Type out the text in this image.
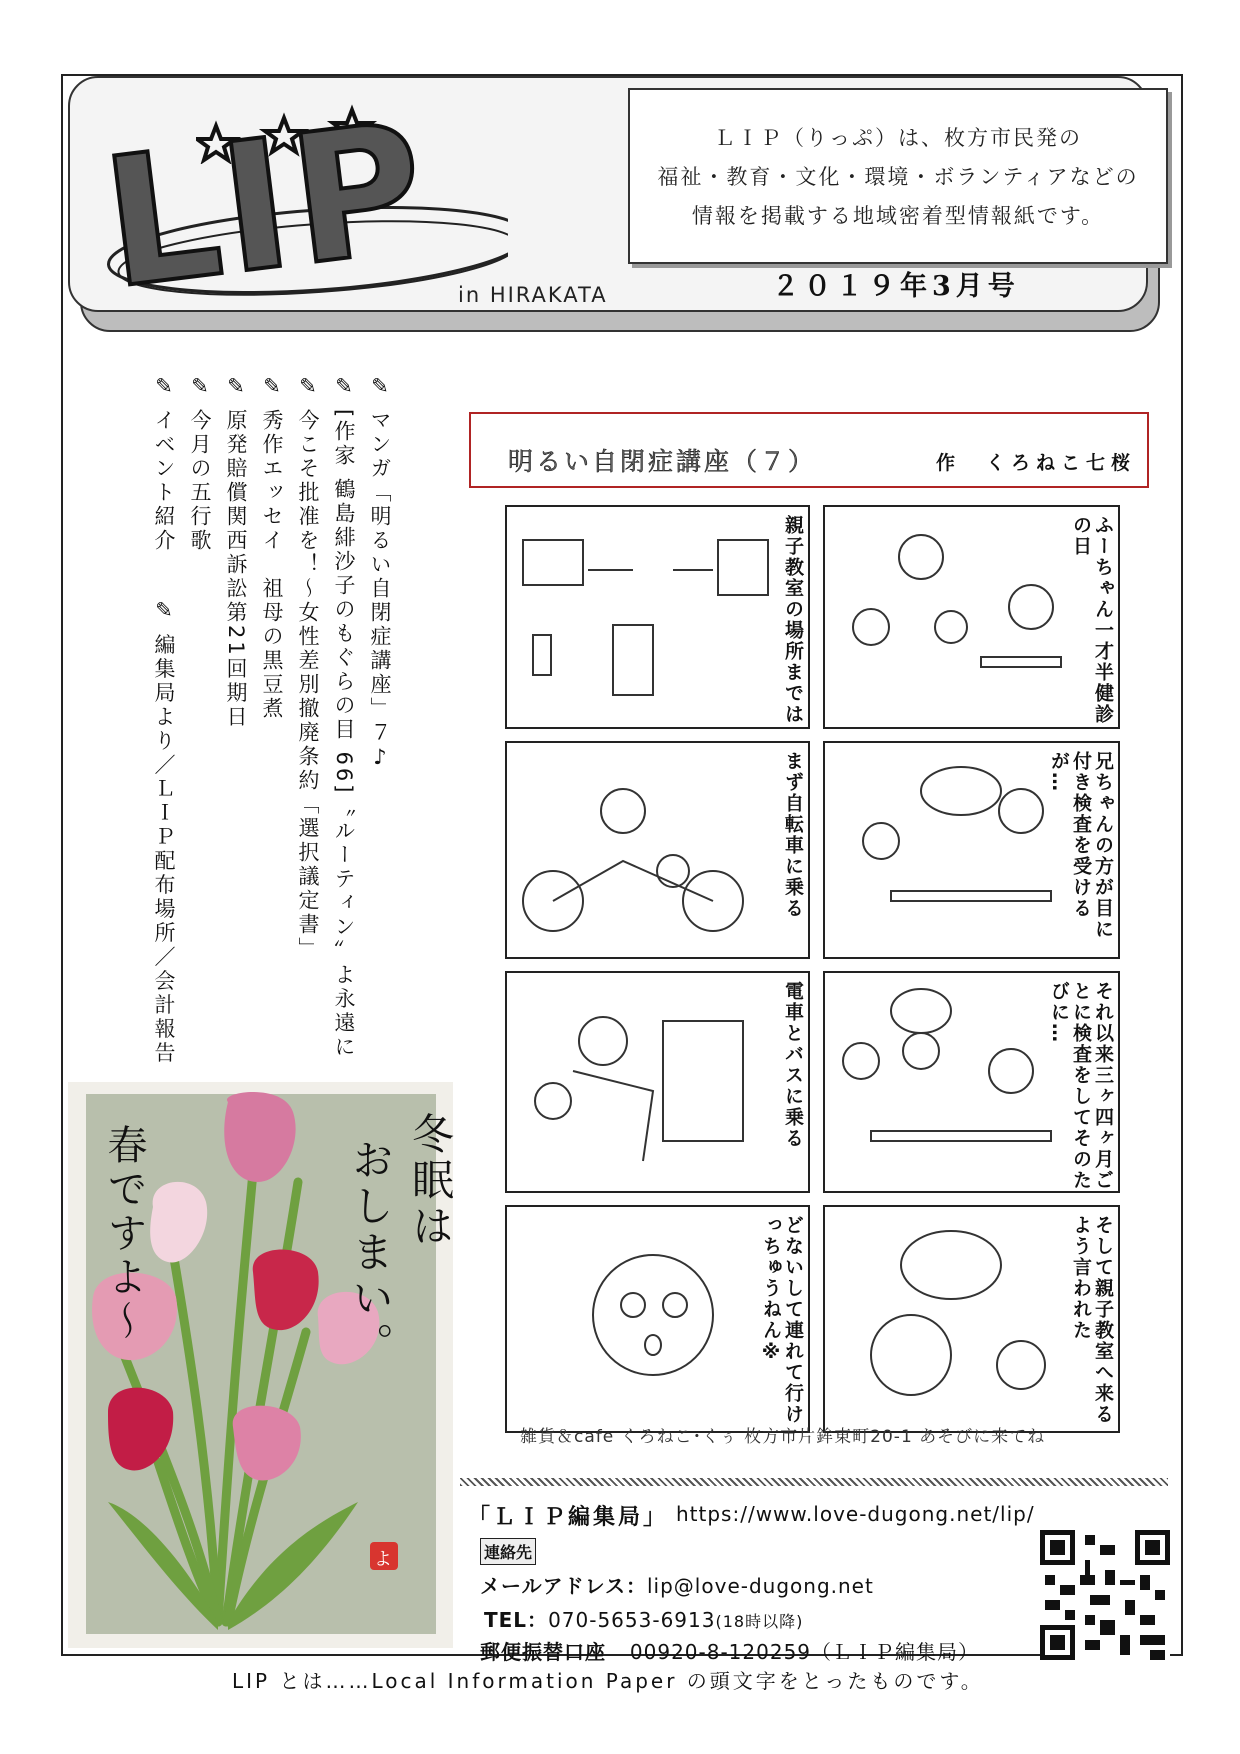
LIP in HIRAKATA
ＬＩＰ（りっぷ）は、枚方市民発の
福祉・教育・文化・環境・ボランティアなどの
情報を掲載する地域密着型情報紙です。
２０１９年3月号
✎マンガ「明るい自閉症講座」７♪
✎[作家 鶴島緋沙子のもぐらの目 66]〝ルーティン〟よ永遠に
✎今こそ批准を！～女性差別撤廃条約「選択議定書」
✎秀作エッセイ　祖母の黒豆煮
✎原発賠償関西訴訟第21回期日
✎今月の五行歌
✎イベント紹介  ✎編集局より／ＬＩＰ配布場所／会計報告
明るい自閉症講座（７）	作　くろねこ七桜
親子教室の場所までは
まず自転車に乗る
電車とバスに乗る
どないして連れて行けっちゅうねん※
ふーちゃん一才半健診の日
兄ちゃんの方が目に付き検査を受けるが…
それ以来三ヶ四ヶ月ごとに検査をしてそのたびに…
そして親子教室へ来るよう言われた
雑貨＆cafe くろねこ･くぅ 枚方市片鉾東町20-1 あそびに来てね
「ＬＩＰ編集局」 https://www.love-dugong.net/lip/
連絡先
メールアドレス：lip@love-dugong.net
TEL：070-5653-6913(18時以降)
郵便振替口座 00920-8-120259（ＬＩＰ編集局）
冬眠は
おしまい。
春ですよ～
よ
LIP とは……Local Information Paper の頭文字をとったものです。
